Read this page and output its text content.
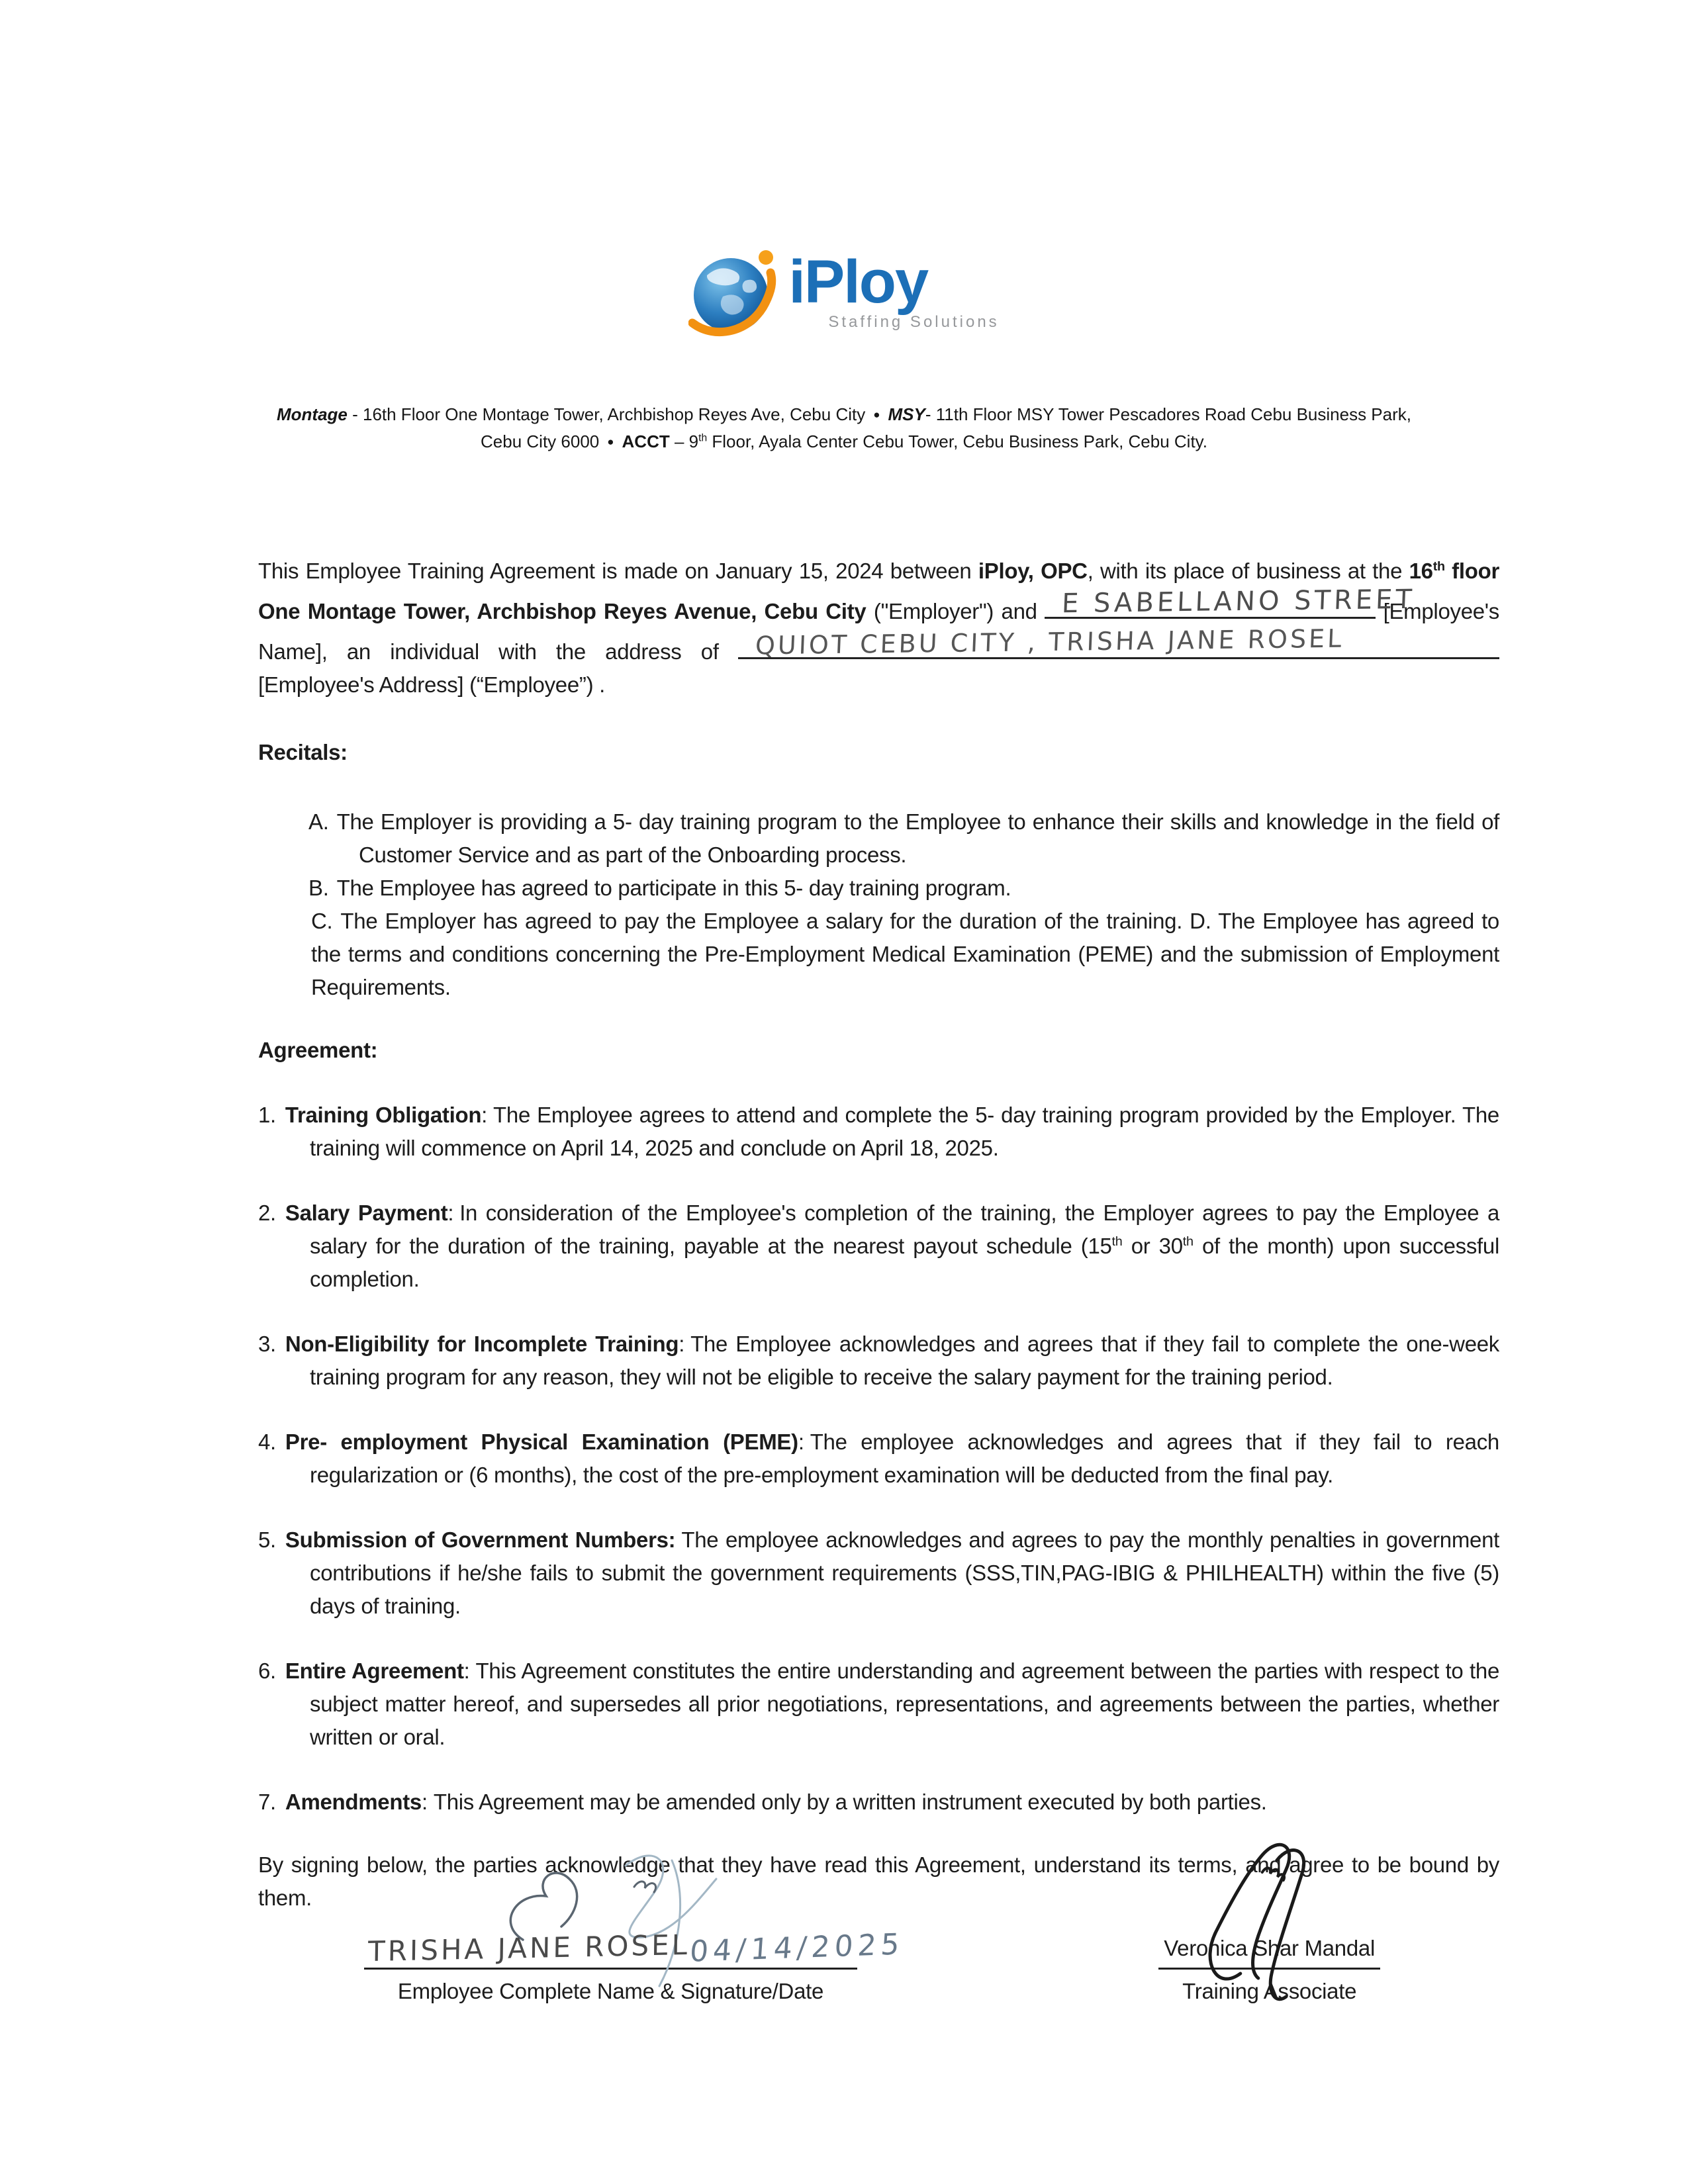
iPloy
Staffing Solutions

Montage - 16th Floor One Montage Tower, Archbishop Reyes Ave, Cebu City ● MSY- 11th Floor MSY Tower Pescadores Road Cebu Business Park, Cebu City 6000 ● ACCT – 9th Floor, Ayala Center Cebu Tower, Cebu Business Park, Cebu City.

This Employee Training Agreement is made on January 15, 2024 between iPloy, OPC, with its place of business at the 16th floor One Montage Tower, Archbishop Reyes Avenue, Cebu City ("Employer") and E SABELLANO STREET
[Employee's Name], an individual with the address of QUIOT CEBU CITY , TRISHA JANE ROSEL
[Employee's Address] (“Employee”) .

Recitals:

A. The Employer is providing a 5- day training program to the Employee to enhance their skills and knowledge in the field of Customer Service and as part of the Onboarding process.

B. The Employee has agreed to participate in this 5- day training program.

C. The Employer has agreed to pay the Employee a salary for the duration of the training. D. The Employee has agreed to the terms and conditions concerning the Pre-Employment Medical Examination (PEME) and the submission of Employment Requirements.

Agreement:

1. Training Obligation: The Employee agrees to attend and complete the 5- day training program provided by the Employer. The training will commence on April 14, 2025 and conclude on April 18, 2025.

2. Salary Payment: In consideration of the Employee's completion of the training, the Employer agrees to pay the Employee a salary for the duration of the training, payable at the nearest payout schedule (15th or 30th of the month) upon successful completion.

3. Non-Eligibility for Incomplete Training: The Employee acknowledges and agrees that if they fail to complete the one-week training program for any reason, they will not be eligible to receive the salary payment for the training period.

4. Pre- employment Physical Examination (PEME): The employee acknowledges and agrees that if they fail to reach regularization or (6 months), the cost of the pre-employment examination will be deducted from the final pay.

5. Submission of Government Numbers: The employee acknowledges and agrees to pay the monthly penalties in government contributions if he/she fails to submit the government requirements (SSS,TIN,PAG-IBIG & PHILHEALTH) within the five (5) days of training.

6. Entire Agreement: This Agreement constitutes the entire understanding and agreement between the parties with respect to the subject matter hereof, and supersedes all prior negotiations, representations, and agreements between the parties, whether written or oral.

7. Amendments: This Agreement may be amended only by a written instrument executed by both parties.

By signing below, the parties acknowledge that they have read this Agreement, understand its terms, and agree to be bound by them.

TRISHA JANE ROSEL
04/14/2025
Employee Complete Name & Signature/Date
Veronica Shar Mandal
Training Associate
